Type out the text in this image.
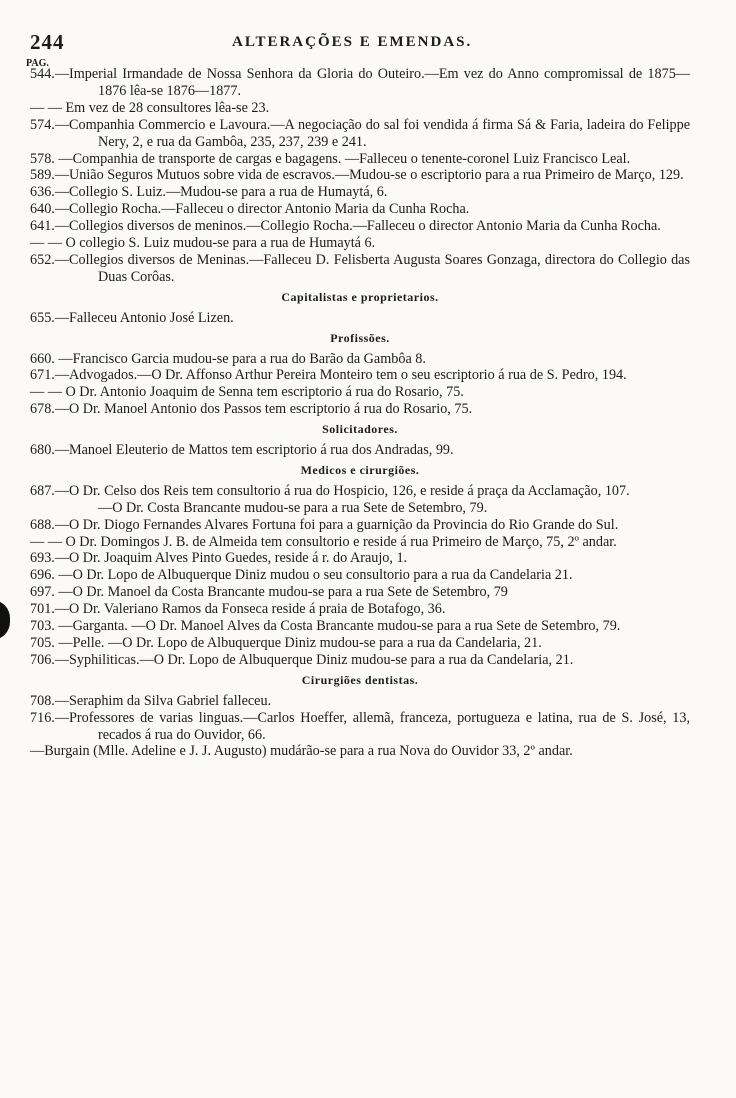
244	ALTERAÇÕES E EMENDAS.
PAG.

544.—Imperial Irmandade de Nossa Senhora da Gloria do Outeiro.—Em vez do Anno compromissal de 1875—1876 lêa-se 1876—1877.

— — Em vez de 28 consultores lêa-se 23.

574.—Companhia Commercio e Lavoura.—A negociação do sal foi vendida á firma Sá & Faria, ladeira do Felippe Nery, 2, e rua da Gambôa, 235, 237, 239 e 241.

578. —Companhia de transporte de cargas e bagagens. —Falleceu o tenente-coronel Luiz Francisco Leal.

589.—União Seguros Mutuos sobre vida de escravos.—Mudou-se o escriptorio para a rua Primeiro de Março, 129.

636.—Collegio S. Luiz.—Mudou-se para a rua de Humaytá, 6.

640.—Collegio Rocha.—Falleceu o director Antonio Maria da Cunha Rocha.

641.—Collegios diversos de meninos.—Collegio Rocha.—Falleceu o director Antonio Maria da Cunha Rocha.

— — O collegio S. Luiz mudou-se para a rua de Humaytá 6.

652.—Collegios diversos de Meninas.—Falleceu D. Felisberta Augusta Soares Gonzaga, directora do Collegio das Duas Corôas.

Capitalistas e proprietarios.

655.—Falleceu Antonio José Lizen.

Profissões.

660. —Francisco Garcia mudou-se para a rua do Barão da Gambôa 8.

671.—Advogados.—O Dr. Affonso Arthur Pereira Monteiro tem o seu escriptorio á rua de S. Pedro, 194.

— — O Dr. Antonio Joaquim de Senna tem escriptorio á rua do Rosario, 75.

678.—O Dr. Manoel Antonio dos Passos tem escriptorio á rua do Rosario, 75.

Solicitadores.

680.—Manoel Eleuterio de Mattos tem escriptorio á rua dos Andradas, 99.

Medicos e cirurgiões.

687.—O Dr. Celso dos Reis tem consultorio á rua do Hospicio, 126, e reside á praça da Acclamação, 107.

—O Dr. Costa Brancante mudou-se para a rua Sete de Setembro, 79.

688.—O Dr. Diogo Fernandes Alvares Fortuna foi para a guarnição da Provincia do Rio Grande do Sul.

— — O Dr. Domingos J. B. de Almeida tem consultorio e reside á rua Primeiro de Março, 75, 2º andar.

693.—O Dr. Joaquim Alves Pinto Guedes, reside á r. do Araujo, 1.

696. —O Dr. Lopo de Albuquerque Diniz mudou o seu consultorio para a rua da Candelaria 21.

697. —O Dr. Manoel da Costa Brancante mudou-se para a rua Sete de Setembro, 79

701.—O Dr. Valeriano Ramos da Fonseca reside á praia de Botafogo, 36.

703. —Garganta. —O Dr. Manoel Alves da Costa Brancante mudou-se para a rua Sete de Setembro, 79.

705. —Pelle. —O Dr. Lopo de Albuquerque Diniz mudou-se para a rua da Candelaria, 21.

706.—Syphiliticas.—O Dr. Lopo de Albuquerque Diniz mudou-se para a rua da Candelaria, 21.

Cirurgiões dentistas.

708.—Seraphim da Silva Gabriel falleceu.

716.—Professores de varias linguas.—Carlos Hoeffer, allemã, franceza, portugueza e latina, rua de S. José, 13, recados á rua do Ouvidor, 66.

—Burgain (Mlle. Adeline e J. J. Augusto) mudárão-se para a rua Nova do Ouvidor 33, 2º andar.
